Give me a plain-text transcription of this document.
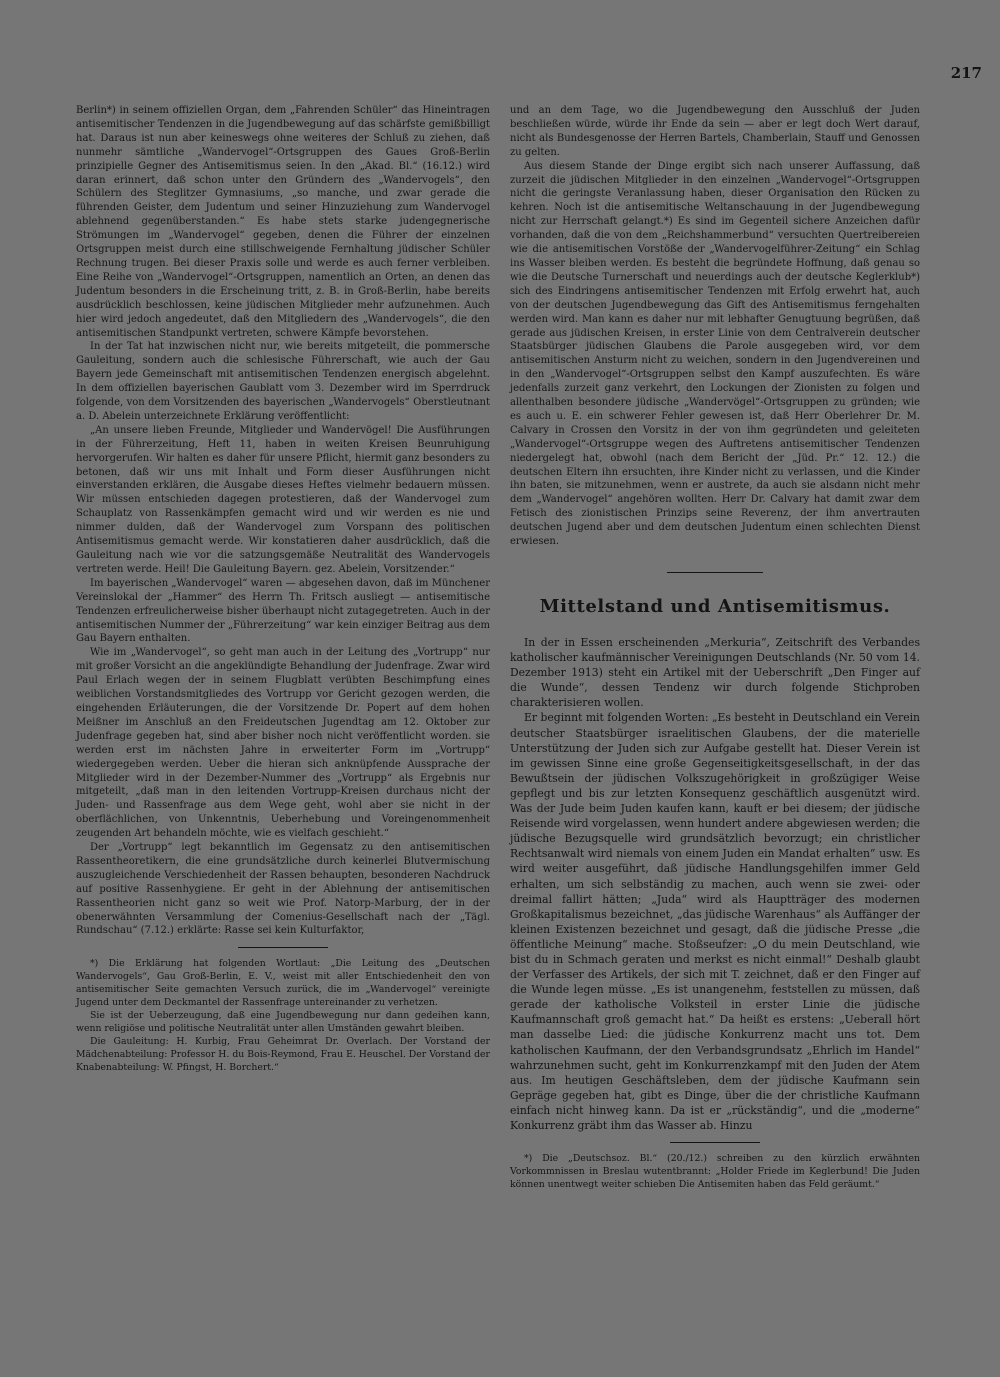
217

Berlin*) in seinem offiziellen Organ, dem „Fahrenden Schüler“ das Hineintragen antisemitischer Tendenzen in die Jugendbewegung auf das schärfste gemißbilligt hat. Daraus ist nun aber keineswegs ohne weiteres der Schluß zu ziehen, daß nunmehr sämtliche „Wandervogel“-Ortsgruppen des Gaues Groß-Berlin prinzipielle Gegner des Antisemitismus seien. In den „Akad. Bl.“ (16.12.) wird daran erinnert, daß schon unter den Gründern des „Wandervogels“, den Schülern des Steglitzer Gymnasiums, „so manche, und zwar gerade die führenden Geister, dem Judentum und seiner Hinzuziehung zum Wandervogel ablehnend gegenüberstanden.“ Es habe stets starke judengegnerische Strömungen im „Wandervogel“ gegeben, denen die Führer der einzelnen Ortsgruppen meist durch eine stillschweigende Fernhaltung jüdischer Schüler Rechnung trugen. Bei dieser Praxis solle und werde es auch ferner verbleiben. Eine Reihe von „Wandervogel“-Ortsgruppen, namentlich an Orten, an denen das Judentum besonders in die Erscheinung tritt, z. B. in Groß-Berlin, habe bereits ausdrücklich beschlossen, keine jüdischen Mitglieder mehr aufzunehmen. Auch hier wird jedoch angedeutet, daß den Mitgliedern des „Wandervogels“, die den antisemitischen Standpunkt vertreten, schwere Kämpfe bevorstehen.

In der Tat hat inzwischen nicht nur, wie bereits mitgeteilt, die pommersche Gauleitung, sondern auch die schlesische Führerschaft, wie auch der Gau Bayern jede Gemeinschaft mit antisemitischen Tendenzen energisch abgelehnt. In dem offiziellen bayerischen Gaublatt vom 3. Dezember wird im Sperrdruck folgende, von dem Vorsitzenden des bayerischen „Wandervogels“ Oberstleutnant a. D. Abelein unterzeichnete Erklärung veröffentlicht:

„An unsere lieben Freunde, Mitglieder und Wandervögel! Die Ausführungen in der Führerzeitung, Heft 11, haben in weiten Kreisen Beunruhigung hervorgerufen. Wir halten es daher für unsere Pflicht, hiermit ganz besonders zu betonen, daß wir uns mit Inhalt und Form dieser Ausführungen nicht einverstanden erklären, die Ausgabe dieses Heftes vielmehr bedauern müssen. Wir müssen entschieden dagegen protestieren, daß der Wandervogel zum Schauplatz von Rassenkämpfen gemacht wird und wir werden es nie und nimmer dulden, daß der Wandervogel zum Vorspann des politischen Antisemitismus gemacht werde. Wir konstatieren daher ausdrücklich, daß die Gauleitung nach wie vor die satzungsgemäße Neutralität des Wandervogels vertreten werde. Heil! Die Gauleitung Bayern. gez. Abelein, Vorsitzender.“

Im bayerischen „Wandervogel“ waren — abgesehen davon, daß im Münchener Vereinslokal der „Hammer“ des Herrn Th. Fritsch ausliegt — antisemitische Tendenzen erfreulicherweise bisher überhaupt nicht zutagegetreten. Auch in der antisemitischen Nummer der „Führerzeitung“ war kein einziger Beitrag aus dem Gau Bayern enthalten.

Wie im „Wandervogel“, so geht man auch in der Leitung des „Vortrupp“ nur mit großer Vorsicht an die angeklündigte Behandlung der Judenfrage. Zwar wird Paul Erlach wegen der in seinem Flugblatt verübten Beschimpfung eines weiblichen Vorstandsmitgliedes des Vortrupp vor Gericht gezogen werden, die eingehenden Erläuterungen, die der Vorsitzende Dr. Popert auf dem hohen Meißner im Anschluß an den Freideutschen Jugendtag am 12. Oktober zur Judenfrage gegeben hat, sind aber bisher noch nicht veröffentlicht worden. sie werden erst im nächsten Jahre in erweiterter Form im „Vortrupp“ wiedergegeben werden. Ueber die hieran sich anknüpfende Aussprache der Mitglieder wird in der Dezember-Nummer des „Vortrupp“ als Ergebnis nur mitgeteilt, „daß man in den leitenden Vortrupp-Kreisen durchaus nicht der Juden- und Rassenfrage aus dem Wege geht, wohl aber sie nicht in der oberflächlichen, von Unkenntnis, Ueberhebung und Voreingenommenheit zeugenden Art behandeln möchte, wie es vielfach geschieht.“

Der „Vortrupp“ legt bekanntlich im Gegensatz zu den antisemitischen Rassentheoretikern, die eine grundsätzliche durch keinerlei Blutvermischung auszugleichende Verschiedenheit der Rassen behaupten, besonderen Nachdruck auf positive Rassenhygiene. Er geht in der Ablehnung der antisemitischen Rassentheorien nicht ganz so weit wie Prof. Natorp-Marburg, der in der obenerwähnten Versammlung der Comenius-Gesellschaft nach der „Tägl. Rundschau“ (7.12.) erklärte: Rasse sei kein Kulturfaktor,

*) Die Erklärung hat folgenden Wortlaut: „Die Leitung des „Deutschen Wandervogels“, Gau Groß-Berlin, E. V., weist mit aller Entschiedenheit den von antisemitischer Seite gemachten Versuch zurück, die im „Wandervogel“ vereinigte Jugend unter dem Deckmantel der Rassenfrage untereinander zu verhetzen.

Sie ist der Ueberzeugung, daß eine Jugendbewegung nur dann gedeihen kann, wenn religiöse und politische Neutralität unter allen Umständen gewahrt bleiben.

Die Gauleitung: H. Kurbig, Frau Geheimrat Dr. Overlach. Der Vorstand der Mädchenabteilung: Professor H. du Bois-Reymond, Frau E. Heuschel. Der Vorstand der Knabenabteilung: W. Pfingst, H. Borchert.“

und an dem Tage, wo die Jugendbewegung den Ausschluß der Juden beschließen würde, würde ihr Ende da sein — aber er legt doch Wert darauf, nicht als Bundesgenosse der Herren Bartels, Chamberlain, Stauff und Genossen zu gelten.

Aus diesem Stande der Dinge ergibt sich nach unserer Auffassung, daß zurzeit die jüdischen Mitglieder in den einzelnen „Wandervogel“-Ortsgruppen nicht die geringste Veranlassung haben, dieser Organisation den Rücken zu kehren. Noch ist die antisemitische Weltanschauung in der Jugendbewegung nicht zur Herrschaft gelangt.*) Es sind im Gegenteil sichere Anzeichen dafür vorhanden, daß die von dem „Reichshammerbund“ versuchten Quertreibereien wie die antisemitischen Vorstöße der „Wandervogelführer-Zeitung“ ein Schlag ins Wasser bleiben werden. Es besteht die begründete Hoffnung, daß genau so wie die Deutsche Turnerschaft und neuerdings auch der deutsche Keglerklub*) sich des Eindringens antisemitischer Tendenzen mit Erfolg erwehrt hat, auch von der deutschen Jugendbewegung das Gift des Antisemitismus ferngehalten werden wird. Man kann es daher nur mit lebhafter Genugtuung begrüßen, daß gerade aus jüdischen Kreisen, in erster Linie von dem Centralverein deutscher Staatsbürger jüdischen Glaubens die Parole ausgegeben wird, vor dem antisemitischen Ansturm nicht zu weichen, sondern in den Jugendvereinen und in den „Wandervogel“-Ortsgruppen selbst den Kampf auszufechten. Es wäre jedenfalls zurzeit ganz verkehrt, den Lockungen der Zionisten zu folgen und allenthalben besondere jüdische „Wandervögel“-Ortsgruppen zu gründen; wie es auch u. E. ein schwerer Fehler gewesen ist, daß Herr Oberlehrer Dr. M. Calvary in Crossen den Vorsitz in der von ihm gegründeten und geleiteten „Wandervogel“-Ortsgruppe wegen des Auftretens antisemitischer Tendenzen niedergelegt hat, obwohl (nach dem Bericht der „Jüd. Pr.“ 12. 12.) die deutschen Eltern ihn ersuchten, ihre Kinder nicht zu verlassen, und die Kinder ihn baten, sie mitzunehmen, wenn er austrete, da auch sie alsdann nicht mehr dem „Wandervogel“ angehören wollten. Herr Dr. Calvary hat damit zwar dem Fetisch des zionistischen Prinzips seine Reverenz, der ihm anvertrauten deutschen Jugend aber und dem deutschen Judentum einen schlechten Dienst erwiesen.

Mittelstand und Antisemitismus.

In der in Essen erscheinenden „Merkuria“, Zeitschrift des Verbandes katholischer kaufmännischer Vereinigungen Deutschlands (Nr. 50 vom 14. Dezember 1913) steht ein Artikel mit der Ueberschrift „Den Finger auf die Wunde“, dessen Tendenz wir durch folgende Stichproben charakterisieren wollen.

Er beginnt mit folgenden Worten: „Es besteht in Deutschland ein Verein deutscher Staatsbürger israelitischen Glaubens, der die materielle Unterstützung der Juden sich zur Aufgabe gestellt hat. Dieser Verein ist im gewissen Sinne eine große Gegenseitigkeitsgesellschaft, in der das Bewußtsein der jüdischen Volkszugehörigkeit in großzügiger Weise gepflegt und bis zur letzten Konsequenz geschäftlich ausgenützt wird. Was der Jude beim Juden kaufen kann, kauft er bei diesem; der jüdische Reisende wird vorgelassen, wenn hundert andere abgewiesen werden; die jüdische Bezugsquelle wird grundsätzlich bevorzugt; ein christlicher Rechtsanwalt wird niemals von einem Juden ein Mandat erhalten“ usw. Es wird weiter ausgeführt, daß jüdische Handlungsgehilfen immer Geld erhalten, um sich selbständig zu machen, auch wenn sie zwei- oder dreimal fallirt hätten; „Juda“ wird als Hauptträger des modernen Großkapitalismus bezeichnet, „das jüdische Warenhaus“ als Auffänger der kleinen Existenzen bezeichnet und gesagt, daß die jüdische Presse „die öffentliche Meinung“ mache. Stoßseufzer: „O du mein Deutschland, wie bist du in Schmach geraten und merkst es nicht einmal!“ Deshalb glaubt der Verfasser des Artikels, der sich mit T. zeichnet, daß er den Finger auf die Wunde legen müsse. „Es ist unangenehm, feststellen zu müssen, daß gerade der katholische Volksteil in erster Linie die jüdische Kaufmannschaft groß gemacht hat.“ Da heißt es erstens: „Ueberall hört man dasselbe Lied: die jüdische Konkurrenz macht uns tot. Dem katholischen Kaufmann, der den Verbandsgrundsatz „Ehrlich im Handel“ wahrzunehmen sucht, geht im Konkurrenzkampf mit den Juden der Atem aus. Im heutigen Geschäftsleben, dem der jüdische Kaufmann sein Gepräge gegeben hat, gibt es Dinge, über die der christliche Kaufmann einfach nicht hinweg kann. Da ist er „rückständig“, und die „moderne“ Konkurrenz gräbt ihm das Wasser ab. Hinzu

*) Die „Deutschsoz. Bl.“ (20./12.) schreiben zu den kürzlich erwähnten Vorkommnissen in Breslau wutentbrannt: „Holder Friede im Keglerbund! Die Juden können unentwegt weiter schieben Die Antisemiten haben das Feld geräumt.“
